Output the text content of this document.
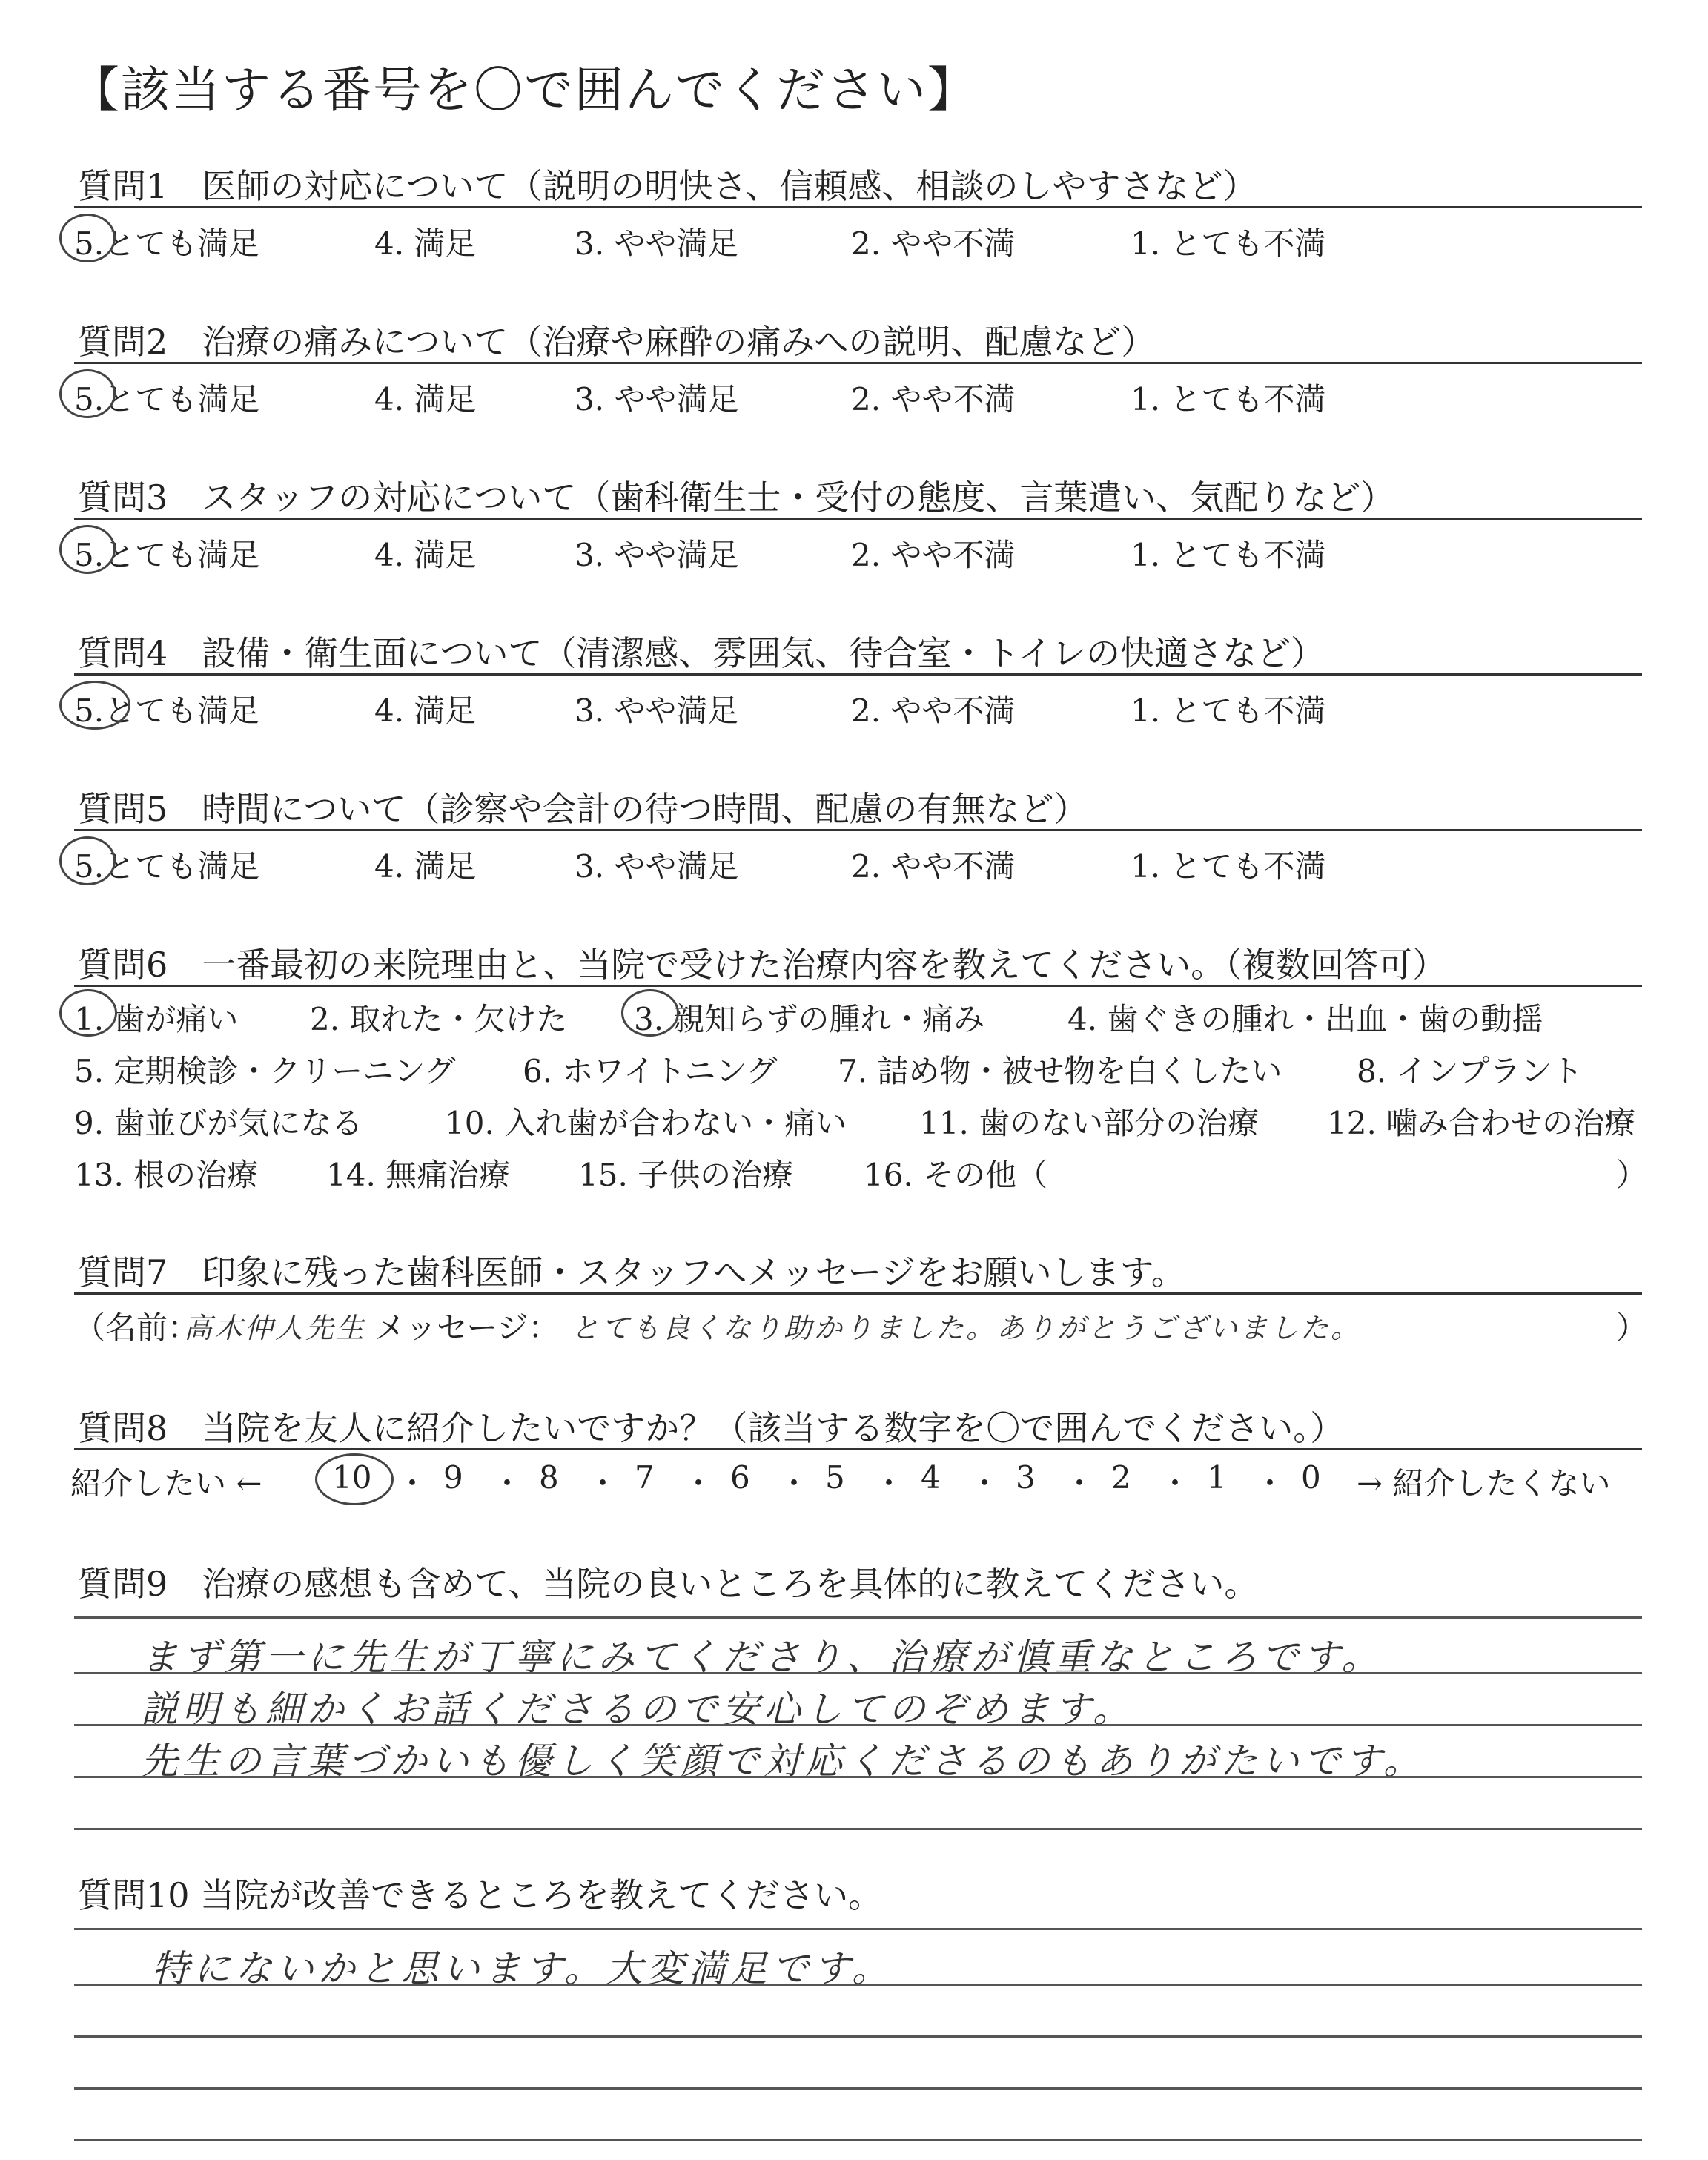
【該当する番号を〇で囲んでください】
質問1　医師の対応について（説明の明快さ、信頼感、相談のしやすさなど）
5.とても満足	4. 満足	3. やや満足	2. やや不満	1. とても不満
質問2　治療の痛みについて（治療や麻酔の痛みへの説明、配慮など）
5.とても満足	4. 満足	3. やや満足	2. やや不満	1. とても不満
質問3　スタッフの対応について（歯科衛生士・受付の態度、言葉遣い、気配りなど）
5.とても満足	4. 満足	3. やや満足	2. やや不満	1. とても不満
質問4　設備・衛生面について（清潔感、雰囲気、待合室・トイレの快適さなど）
5.とても満足	4. 満足	3. やや満足	2. やや不満	1. とても不満
質問5　時間について（診察や会計の待つ時間、配慮の有無など）
5.とても満足	4. 満足	3. やや満足	2. やや不満	1. とても不満
質問6　一番最初の来院理由と、当院で受けた治療内容を教えてください。（複数回答可）
1. 歯が痛い 2. 取れた・欠けた 3. 親知らずの腫れ・痛み	4. 歯ぐきの腫れ・出血・歯の動揺
5. 定期検診・クリーニング 6. ホワイトニング 7. 詰め物・被せ物を白くしたい 8. インプラント
9. 歯並びが気になる	10. 入れ歯が合わない・痛い 11. 歯のない部分の治療 12. 噛み合わせの治療
13. 根の治療 14. 無痛治療 15. 子供の治療 16. その他（	）
質問7　印象に残った歯科医師・スタッフへメッセージをお願いします。
（名前：
高木仲人先生 メッセージ： とても良くなり助かりました。ありがとうございました。	）
質問8　当院を友人に紹介したいですか？（該当する数字を〇で囲んでください。）
紹介したい ← 10 ・ 9 ・ 8 ・ 7 ・ 6 ・ 5 ・ 4 ・ 3 ・ 2 ・ 1 ・ 0 → 紹介したくない
質問9　治療の感想も含めて、当院の良いところを具体的に教えてください。
まず第一に先生が丁寧にみてくださり、治療が慎重なところです。
説明も細かくお話くださるので安心してのぞめます。
先生の言葉づかいも優しく笑顔で対応くださるのもありがたいです。
質問10 当院が改善できるところを教えてください。
特にないかと思います。大変満足です。
